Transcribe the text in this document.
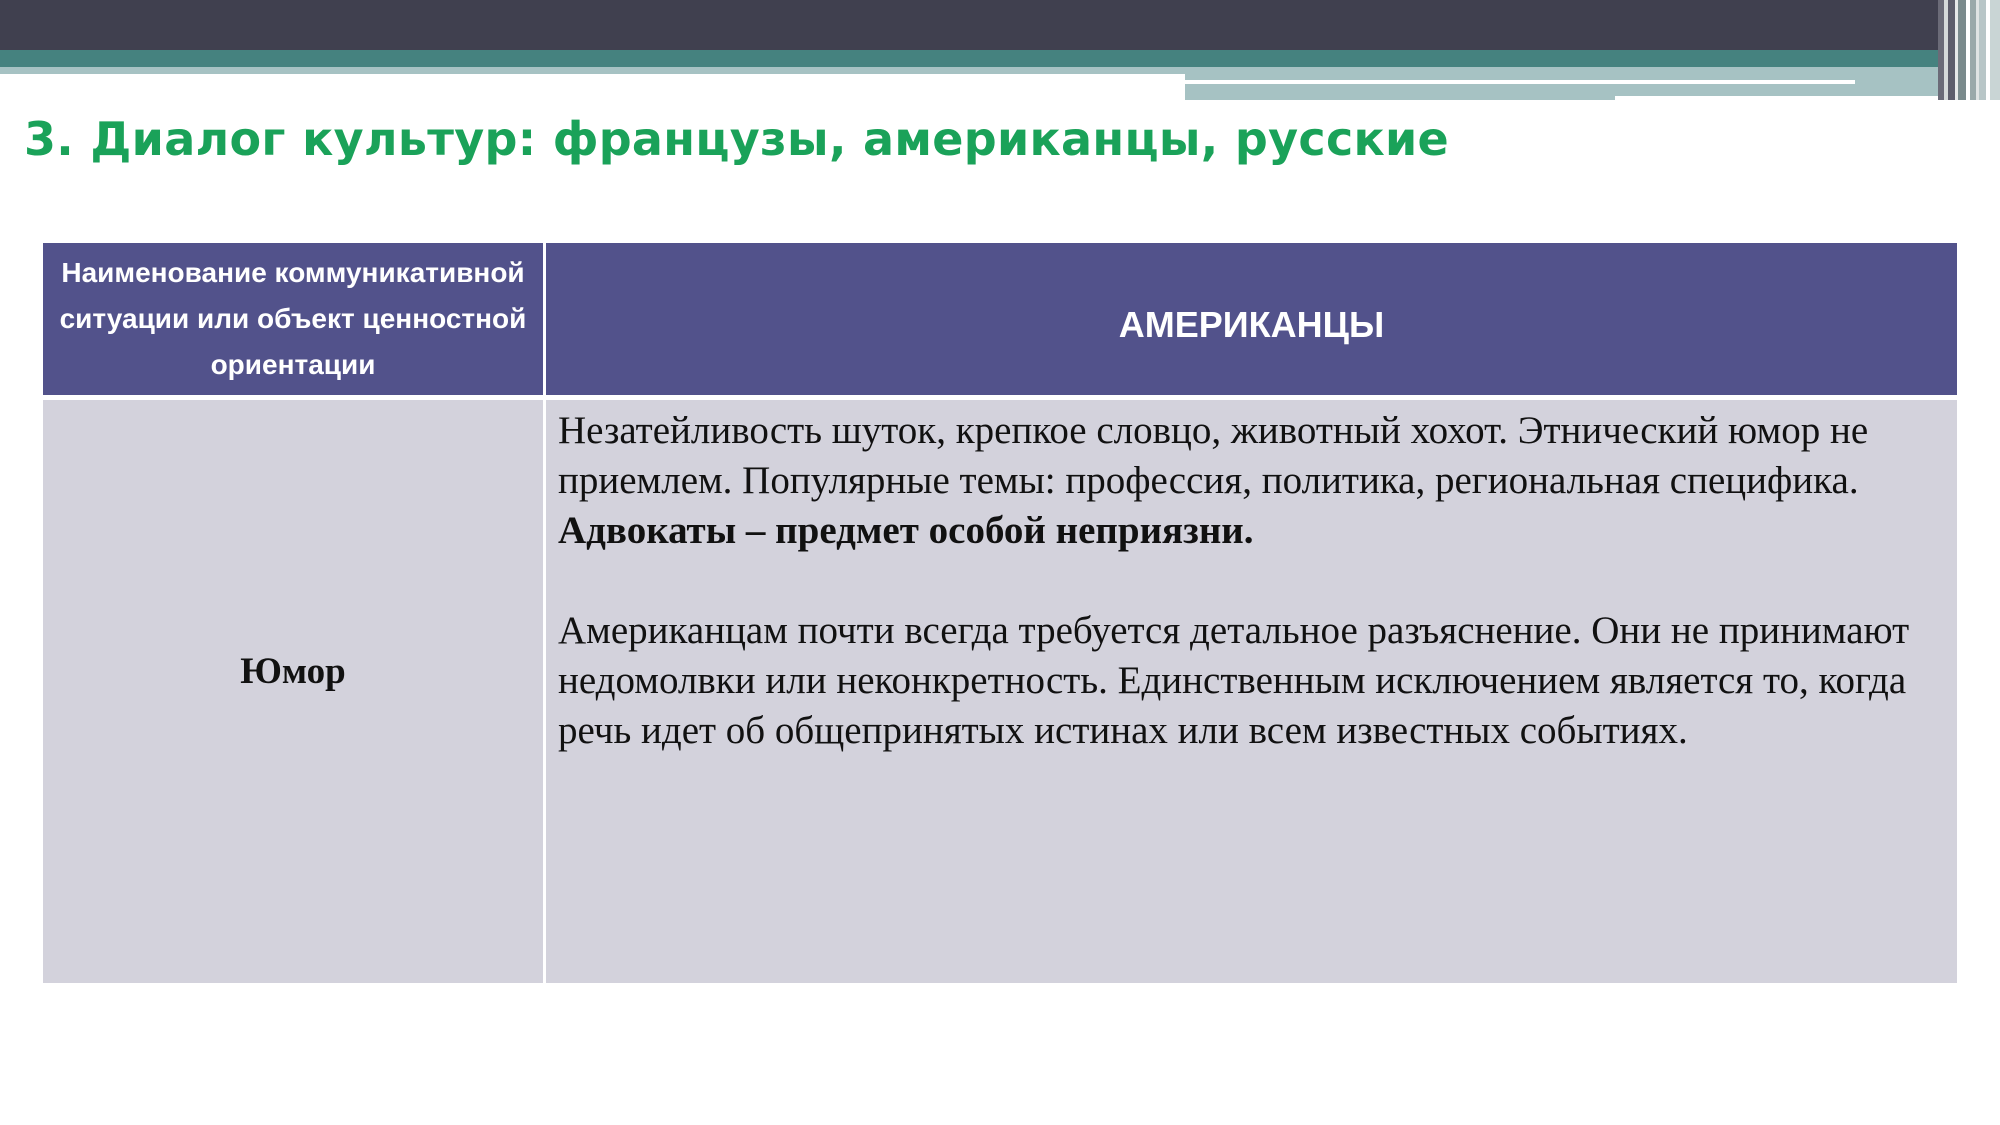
3. Диалог культур: французы, американцы, русские
Наименование коммуникативной ситуации или объект ценностной ориентации
АМЕРИКАНЦЫ
Юмор

Незатейливость шуток, крепкое словцо, животный хохот. Этнический юмор не приемлем. Популярные темы: профессия, политика, региональная специфика.

Адвокаты – предмет особой неприязни.

Американцам почти всегда требуется детальное разъяснение. Они не принимают недомолвки или неконкретность. Единственным исключением является то, когда речь идет об общепринятых истинах или всем известных событиях.
